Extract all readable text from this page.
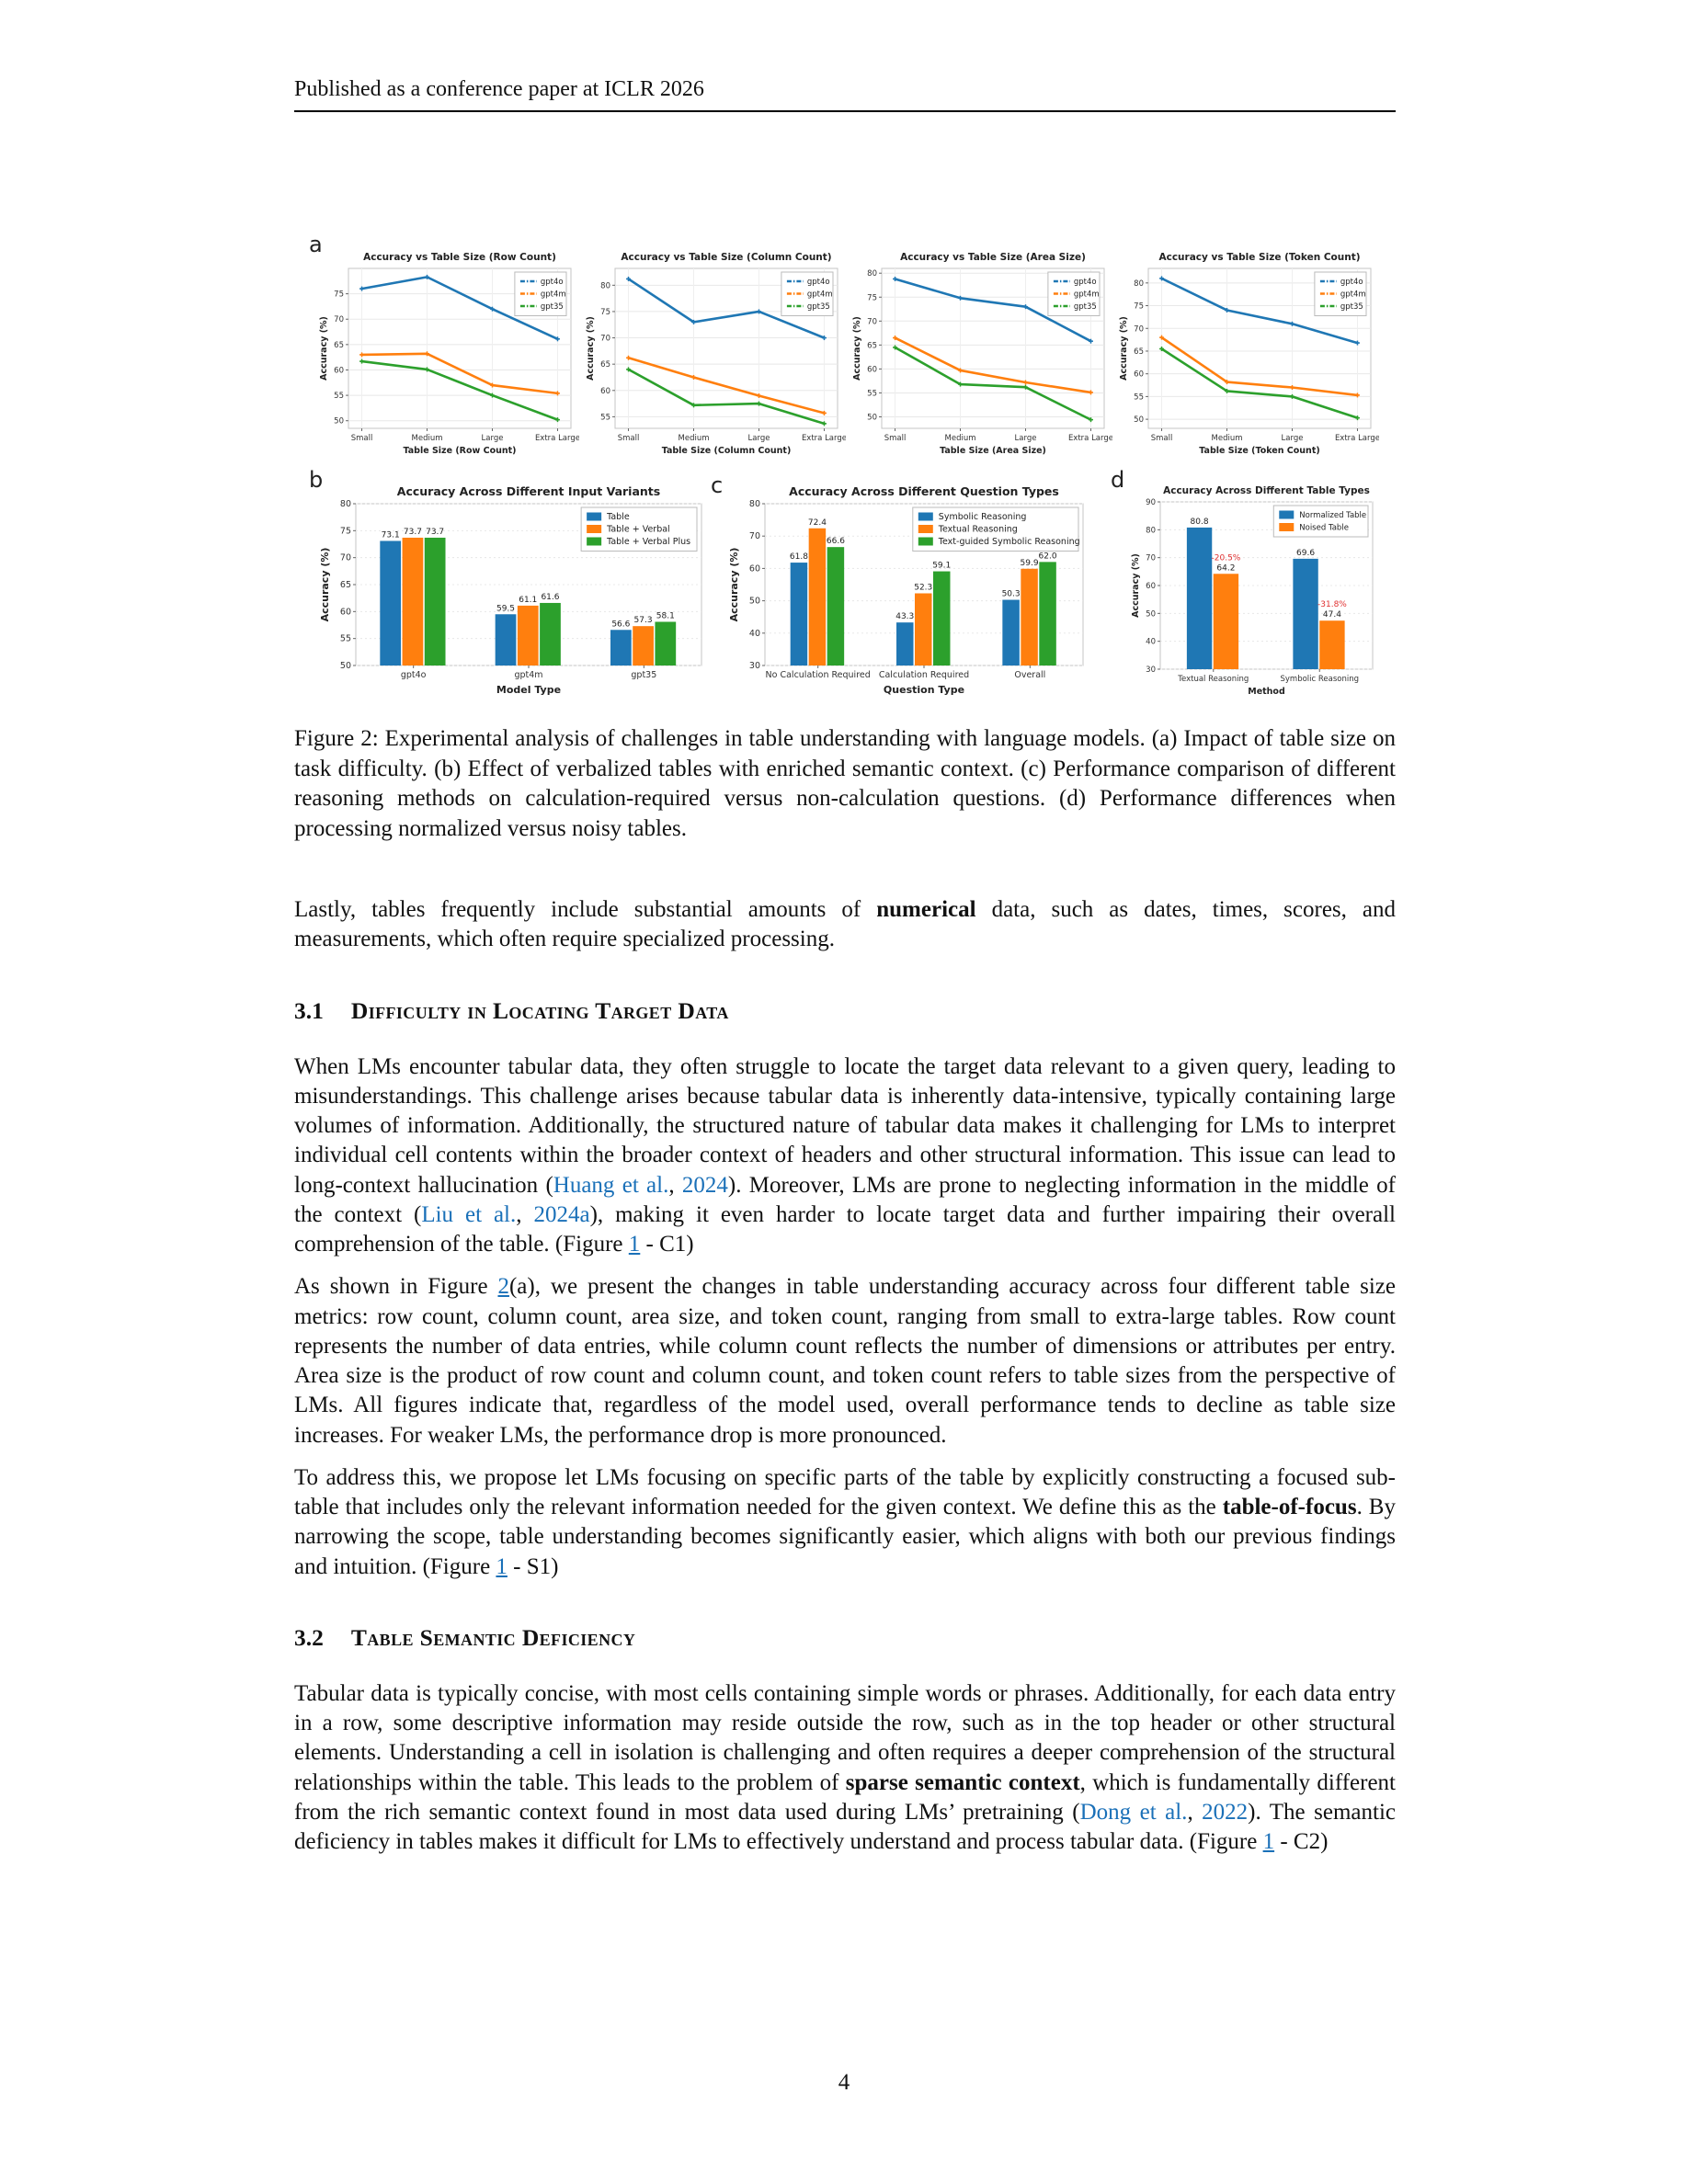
Published as a conference paper at ICLR 2026
a
b	c	d
50
55
60
65
70
75
Small	Medium	Large	Extra Large
Accuracy vs Table Size (Row Count)
Table Size (Row Count)
Accuracy (%)
gpt4o
gpt4m
gpt35
55
60
65
70
75
80
Small	Medium	Large	Extra Large
Accuracy vs Table Size (Column Count)
Table Size (Column Count)
Accuracy (%)
gpt4o
gpt4m
gpt35
50
55
60
65
70
75
80
Small	Medium	Large	Extra Large
Accuracy vs Table Size (Area Size)
Table Size (Area Size)
Accuracy (%)
gpt4o
gpt4m
gpt35
50
55
60
65
70
75
80
Small	Medium	Large	Extra Large
Accuracy vs Table Size (Token Count)
Table Size (Token Count)
Accuracy (%)
gpt4o
gpt4m
gpt35
50
55
60
65
70
75
80
gpt4o	gpt4m	gpt35
Accuracy Across Different Input Variants
Model Type
Accuracy (%)
73.1
59.5
56.6
73.7
61.1
57.3
73.7
61.6
58.1
Table
Table + Verbal
Table + Verbal Plus
30
40
50
60
70
80
No Calculation Required Calculation Required	Overall
Accuracy Across Different Question Types
Question Type
Accuracy (%)	61.8
43.3
50.3
72.4
52.3
59.9
66.6
59.1
62.0
Symbolic Reasoning
Textual Reasoning
Text-guided Symbolic Reasoning
30
40
50
60
70
80
90
Textual Reasoning	Symbolic Reasoning
Accuracy Across Different Table Types
Method
Accuracy (%)
80.8
69.6
64.2
47.4
-20.5%
-31.8%
Normalized Table
Noised Table
Figure 2: Experimental analysis of challenges in table understanding with language models. (a) Impact of table size on task difficulty. (b) Effect of verbalized tables with enriched semantic context. (c) Performance comparison of different reasoning methods on calculation-required versus non-calculation questions. (d) Performance differences when processing normalized versus noisy tables.

Lastly, tables frequently include substantial amounts of numerical data, such as dates, times, scores, and measurements, which often require specialized processing.

3.1 Difficulty in Locating Target Data

When LMs encounter tabular data, they often struggle to locate the target data relevant to a given query, leading to misunderstandings. This challenge arises because tabular data is inherently data-intensive, typically containing large volumes of information. Additionally, the structured nature of tabular data makes it challenging for LMs to interpret individual cell contents within the broader context of headers and other structural information. This issue can lead to long-context hallucination (Huang et al., 2024). Moreover, LMs are prone to neglecting information in the middle of the context (Liu et al., 2024a), making it even harder to locate target data and further impairing their overall comprehension of the table. (Figure 1 - C1)

As shown in Figure 2(a), we present the changes in table understanding accuracy across four different table size metrics: row count, column count, area size, and token count, ranging from small to extra-large tables. Row count represents the number of data entries, while column count reflects the number of dimensions or attributes per entry. Area size is the product of row count and column count, and token count refers to table sizes from the perspective of LMs. All figures indicate that, regardless of the model used, overall performance tends to decline as table size increases. For weaker LMs, the performance drop is more pronounced.

To address this, we propose let LMs focusing on specific parts of the table by explicitly constructing a focused sub-table that includes only the relevant information needed for the given context. We define this as the table-of-focus. By narrowing the scope, table understanding becomes significantly easier, which aligns with both our previous findings and intuition. (Figure 1 - S1)

3.2 Table Semantic Deficiency

Tabular data is typically concise, with most cells containing simple words or phrases. Additionally, for each data entry in a row, some descriptive information may reside outside the row, such as in the top header or other structural elements. Understanding a cell in isolation is challenging and often requires a deeper comprehension of the structural relationships within the table. This leads to the problem of sparse semantic context, which is fundamentally different from the rich semantic context found in most data used during LMs’ pretraining (Dong et al., 2022). The semantic deficiency in tables makes it difficult for LMs to effectively understand and process tabular data. (Figure 1 - C2)

4
